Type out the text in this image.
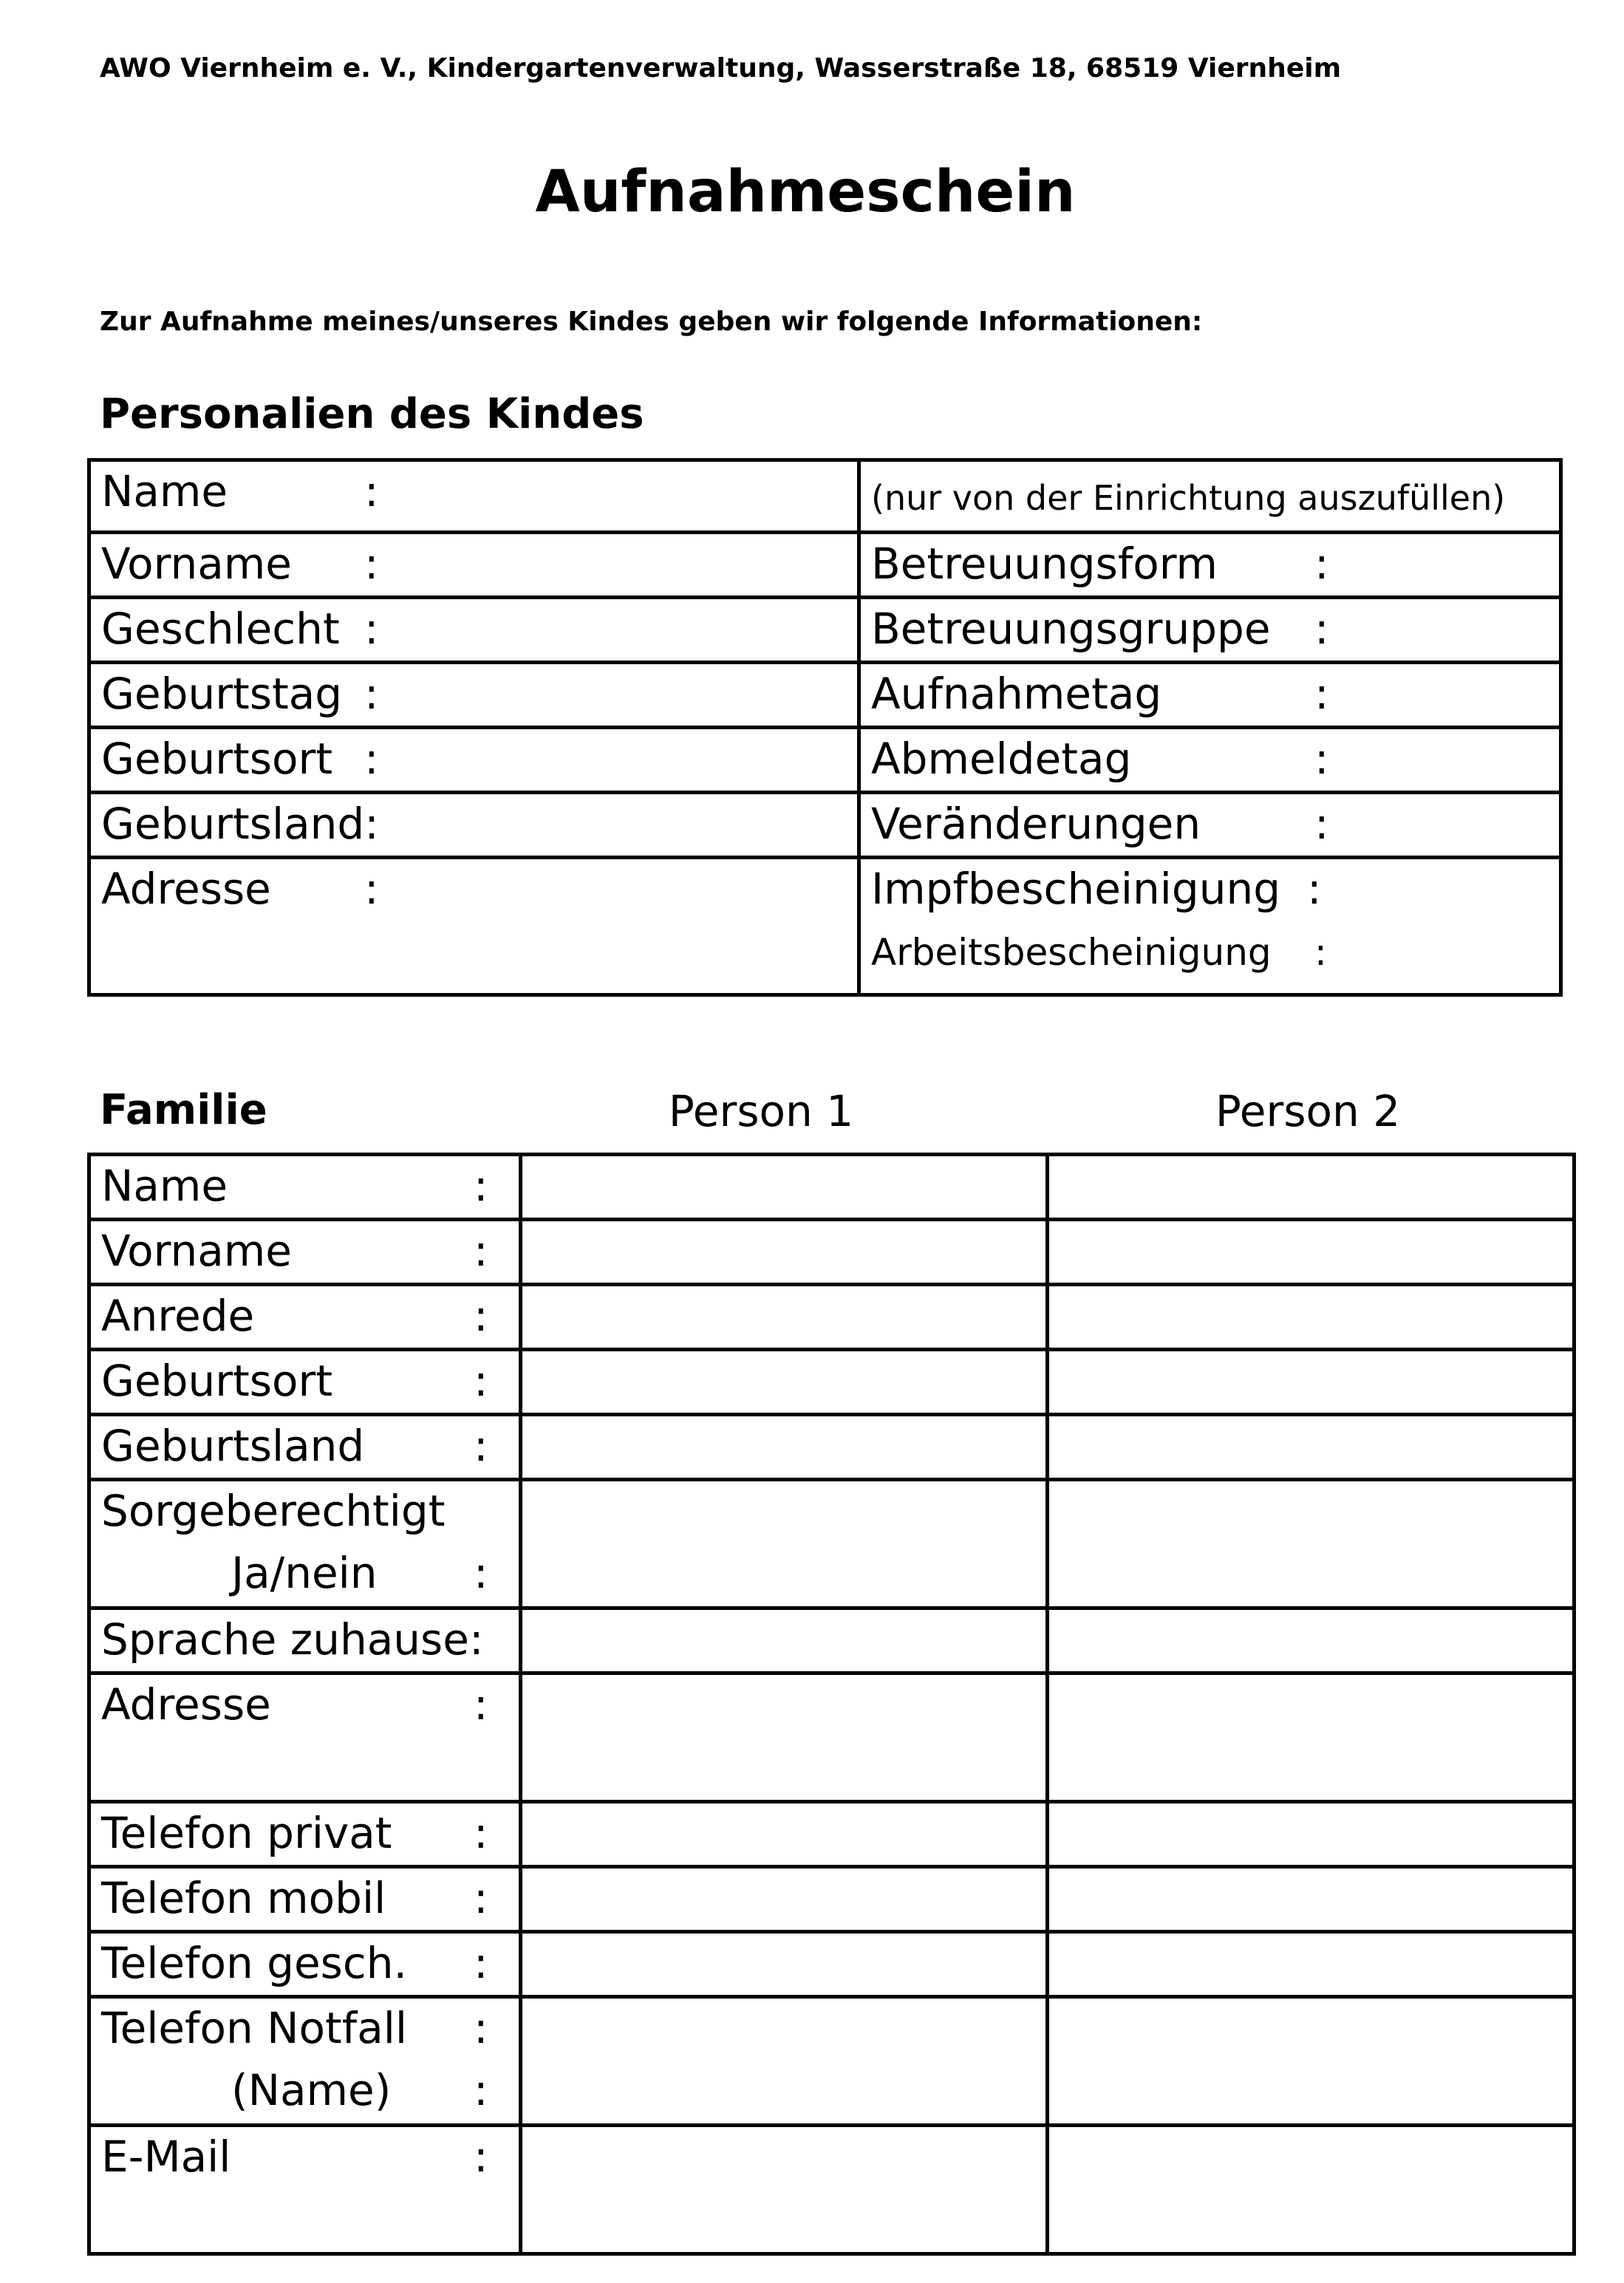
AWO Viernheim e. V., Kindergartenverwaltung, Wasserstraße 18, 68519 Viernheim
Aufnahmeschein
Zur Aufnahme meines/unseres Kindes geben wir folgende Informationen:
Personalien des Kindes
Name :	(nur von der Einrichtung auszufüllen)

Vorname :	Betreuungsform :

Geschlecht :	Betreuungsgruppe :

Geburtstag :	Aufnahmetag :

Geburtsort :	Abmeldetag :

Geburtsland:	Veränderungen :

Adresse :	Impfbescheinigung :
Arbeitsbescheinigung :
Familie	Person 1	Person 2
Name :		

Vorname :		

Anrede :		

Geburtsort :		

Geburtsland :		

Sorgeberechtigt
Ja/nein :		

Sprache zuhause:		

Adresse :		

Telefon privat :		

Telefon mobil :		

Telefon gesch. :		

Telefon Notfall :
(Name) :		

E-Mail :		
